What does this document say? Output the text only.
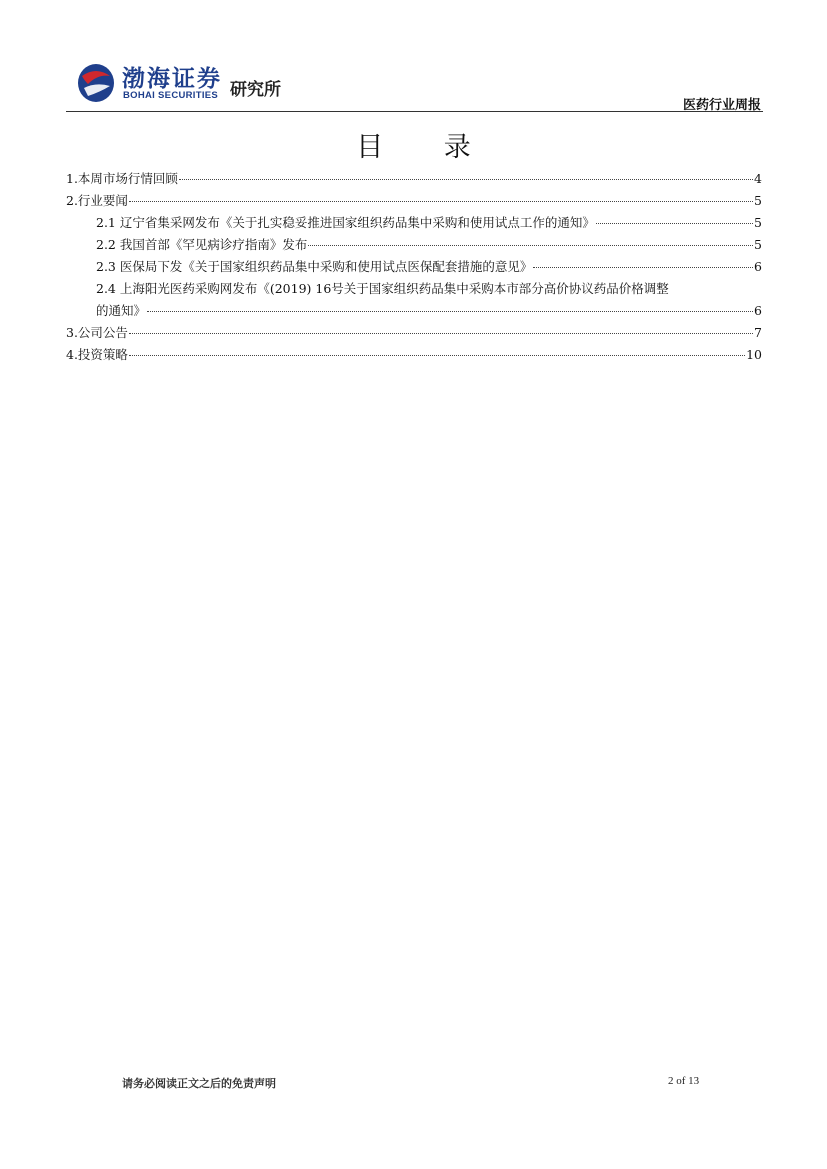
渤海证券
BOHAI SECURITIES 研究所
医药行业周报
目 录
1.本周市场行情回顾	4
2.行业要闻	5
2.1 辽宁省集采网发布《关于扎实稳妥推进国家组织药品集中采购和使用试点工作的通知》	5
2.2 我国首部《罕见病诊疗指南》发布	5
2.3 医保局下发《关于国家组织药品集中采购和使用试点医保配套措施的意见》	6
2.4 上海阳光医药采购网发布《(2019) 16号关于国家组织药品集中采购本市部分高价协议药品价格调整
的通知》	6
3.公司公告	7
4.投资策略	10
请务必阅读正文之后的免责声明	2 of 13
